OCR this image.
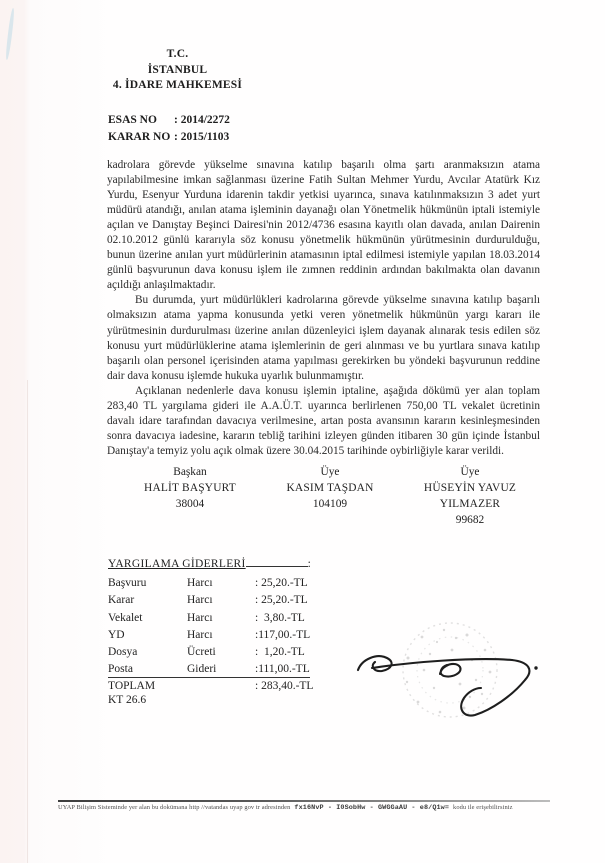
T.C.
İSTANBUL
4. İDARE MAHKEMESİ
ESAS NO : 2014/2272
KARAR NO : 2015/1103

kadrolara görevde yükselme sınavına katılıp başarılı olma şartı aranmaksızın atama yapılabilmesine imkan sağlanması üzerine Fatih Sultan Mehmer Yurdu, Avcılar Atatürk Kız Yurdu, Esenyur Yurduna idarenin takdir yetkisi uyarınca, sınava katılınmaksızın 3 adet yurt müdürü atandığı, anılan atama işleminin dayanağı olan Yönetmelik hükmünün iptali istemiyle açılan ve Danıştay Beşinci Dairesi'nin 2012/4736 esasına kayıtlı olan davada, anılan Dairenin 02.10.2012 günlü kararıyla söz konusu yönetmelik hükmünün yürütmesinin durdurulduğu, bunun üzerine anılan yurt müdürlerinin atamasının iptal edilmesi istemiyle yapılan 18.03.2014 günlü başvurunun dava konusu işlem ile zımnen reddinin ardından bakılmakta olan davanın açıldığı anlaşılmaktadır.

Bu durumda, yurt müdürlükleri kadrolarına görevde yükselme sınavına katılıp başarılı olmaksızın atama yapma konusunda yetki veren yönetmelik hükmünün yargı kararı ile yürütmesinin durdurulması üzerine anılan düzenleyici işlem dayanak alınarak tesis edilen söz konusu yurt müdürlüklerine atama işlemlerinin de geri alınması ve bu yurtlara sınava katılıp başarılı olan personel içerisinden atama yapılması gerekirken bu yöndeki başvurunun reddine dair dava konusu işlemde hukuka uyarlık bulunmamıştır.

Açıklanan nedenlerle dava konusu işlemin iptaline, aşağıda dökümü yer alan toplam 283,40 TL yargılama gideri ile A.A.Ü.T. uyarınca berlirlenen 750,00 TL vekalet ücretinin davalı idare tarafından davacıya verilmesine, artan posta avansının kararın kesinleşmesinden sonra davacıya iadesine, kararın tebliğ tarihini izleyen günden itibaren 30 gün içinde İstanbul Danıştay'a temyiz yolu açık olmak üzere 30.04.2015 tarihinde oybirliğiyle karar verildi.

Başkan
HALİT BAŞYURT
38004
Üye
KASIM TAŞDAN
104109
Üye
HÜSEYİN YAVUZ
YILMAZER
99682
YARGILAMA GİDERLERİ	:
Başvuru	Harcı	: 25,20.-TL
Karar	Harcı	: 25,20.-TL
Vekalet	Harcı	:  3,80.-TL
YD	Harcı	:117,00.-TL
Dosya	Ücreti	:  1,20.-TL
Posta	Gideri	:111,00.-TL
TOPLAM	: 283,40.-TL
KT 26.6
UYAP Bilişim Sisteminde yer alan bu dokümana http //vatandas uyap gov tr adresinden fx16NvP - I0SobHw - GWGGaAU - e8/Q1w= kodu ile erişebilirsiniz
